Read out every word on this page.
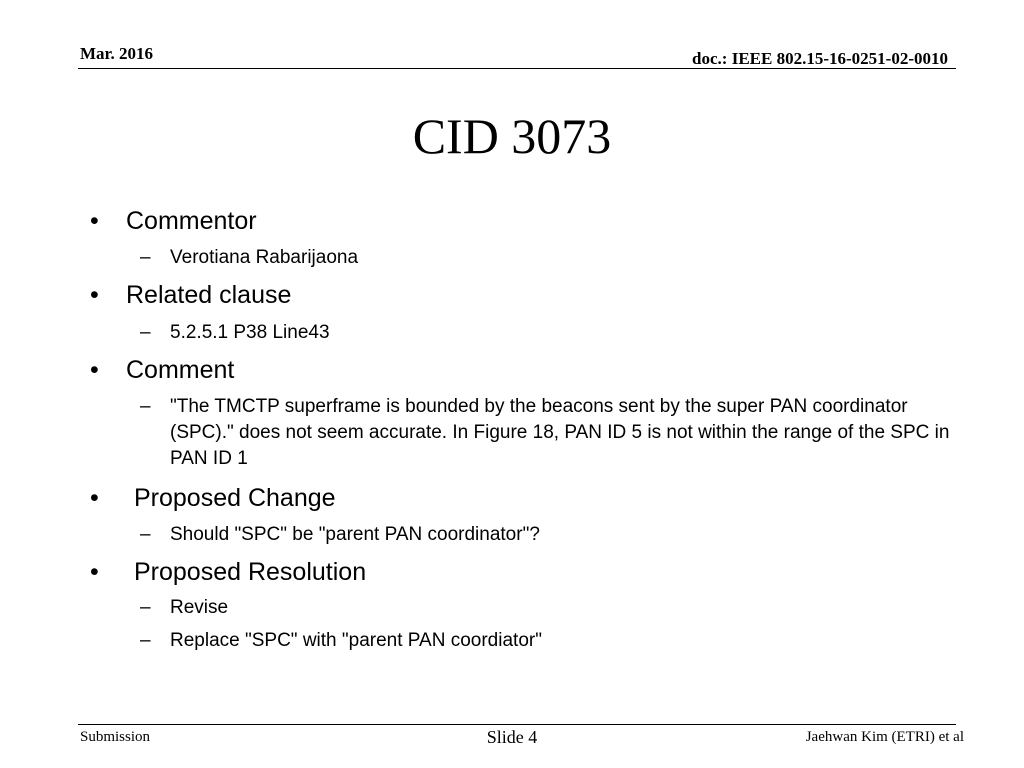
Mar. 2016	doc.: IEEE 802.15-16-0251-02-0010
CID 3073
•	Commentor
–	Verotiana Rabarijaona
•	Related clause
–	5.2.5.1 P38 Line43
•	Comment
–	"The TMCTP superframe is bounded by the beacons sent by the super PAN coordinator (SPC)." does not seem accurate. In Figure 18, PAN ID 5 is not within the range of the SPC in PAN ID 1
•	Proposed Change
–	Should "SPC" be "parent PAN coordinator"?
•	Proposed Resolution
–	Revise
–	Replace "SPC" with "parent PAN coordiator"
Submission	Slide 4	Jaehwan Kim (ETRI) et al
